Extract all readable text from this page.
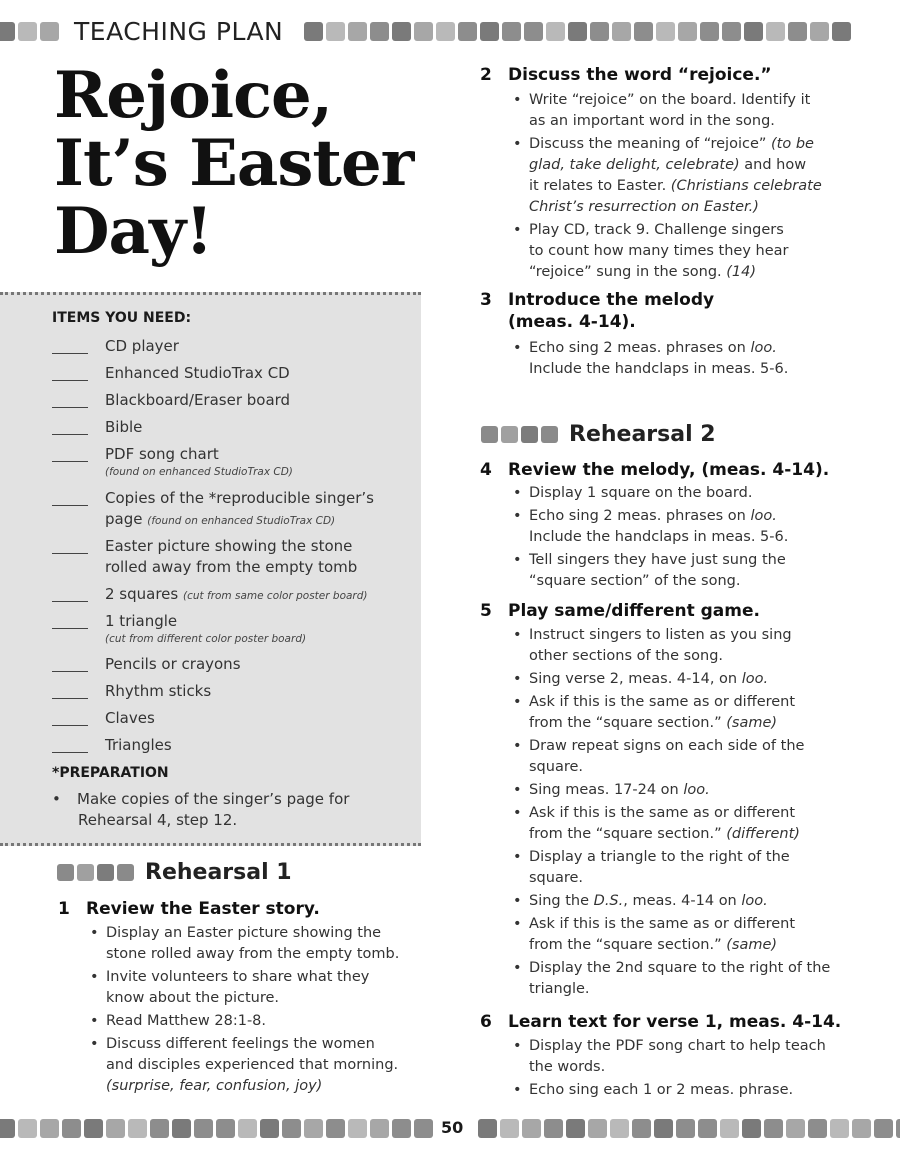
TEACHING PLAN
Rejoice,
It’s Easter
Day!
ITEMS YOU NEED:
CD player
Enhanced StudioTrax CD
Blackboard/Eraser board
Bible
PDF song chart
(found on enhanced StudioTrax CD)
Copies of the *reproducible singer’s
page (found on enhanced StudioTrax CD)
Easter picture showing the stone
rolled away from the empty tomb
2 squares (cut from same color poster board)
1 triangle
(cut from different color poster board)
Pencils or crayons
Rhythm sticks
Claves
Triangles
*PREPARATION
• Make copies of the singer’s page for
Rehearsal 4, step 12.
Rehearsal 1
1 Review the Easter story.
• Display an Easter picture showing the
stone rolled away from the empty tomb.
• Invite volunteers to share what they
know about the picture.
• Read Matthew 28:1-8.
• Discuss different feelings the women
and disciples experienced that morning.
(surprise, fear, confusion, joy)
2 Discuss the word “rejoice.”
• Write “rejoice” on the board. Identify it
as an important word in the song.
• Discuss the meaning of “rejoice” (to be
glad, take delight, celebrate) and how
it relates to Easter. (Christians celebrate
Christ’s resurrection on Easter.)
• Play CD, track 9. Challenge singers
to count how many times they hear
“rejoice” sung in the song. (14)
3 Introduce the melody
(meas. 4-14).
• Echo sing 2 meas. phrases on loo.
Include the handclaps in meas. 5-6.
Rehearsal 2
4 Review the melody, (meas. 4-14).
• Display 1 square on the board.
• Echo sing 2 meas. phrases on loo.
Include the handclaps in meas. 5-6.
• Tell singers they have just sung the
“square section” of the song.
5 Play same/different game.
• Instruct singers to listen as you sing
other sections of the song.
• Sing verse 2, meas. 4-14, on loo.
• Ask if this is the same as or different
from the “square section.” (same)
• Draw repeat signs on each side of the
square.
• Sing meas. 17-24 on loo.
• Ask if this is the same as or different
from the “square section.” (different)
• Display a triangle to the right of the
square.
• Sing the D.S., meas. 4-14 on loo.
• Ask if this is the same as or different
from the “square section.” (same)
• Display the 2nd square to the right of the
triangle.
6 Learn text for verse 1, meas. 4-14.
• Display the PDF song chart to help teach
the words.
• Echo sing each 1 or 2 meas. phrase.
50
